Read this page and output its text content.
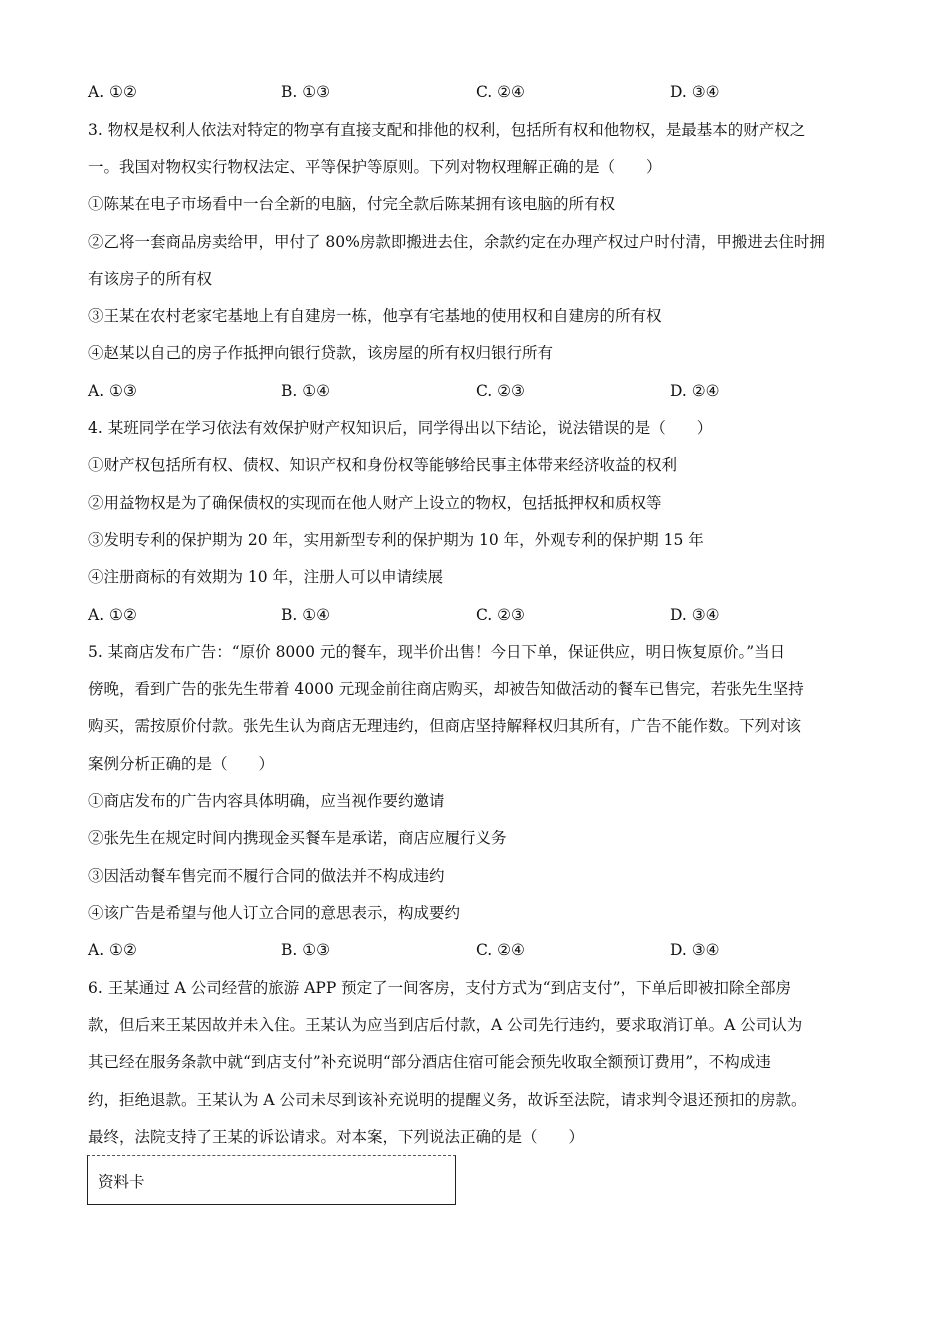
A. ①②	B. ①③	C. ②④	D. ③④
3. 物权是权利人依法对特定的物享有直接支配和排他的权利，包括所有权和他物权，是最基本的财产权之
一。我国对物权实行物权法定、平等保护等原则。下列对物权理解正确的是（　　）
①陈某在电子市场看中一台全新的电脑，付完全款后陈某拥有该电脑的所有权
②乙将一套商品房卖给甲，甲付了 80%房款即搬进去住，余款约定在办理产权过户时付清，甲搬进去住时拥
有该房子的所有权
③王某在农村老家宅基地上有自建房一栋，他享有宅基地的使用权和自建房的所有权
④赵某以自己的房子作抵押向银行贷款，该房屋的所有权归银行所有
A. ①③	B. ①④	C. ②③	D. ②④
4. 某班同学在学习依法有效保护财产权知识后，同学得出以下结论，说法错误的是（　　）
①财产权包括所有权、债权、知识产权和身份权等能够给民事主体带来经济收益的权利
②用益物权是为了确保债权的实现而在他人财产上设立的物权，包括抵押权和质权等
③发明专利的保护期为 20 年，实用新型专利的保护期为 10 年，外观专利的保护期 15 年
④注册商标的有效期为 10 年，注册人可以申请续展
A. ①②	B. ①④	C. ②③	D. ③④
5. 某商店发布广告：“原价 8000 元的餐车，现半价出售！今日下单，保证供应，明日恢复原价。”当日
傍晚，看到广告的张先生带着 4000 元现金前往商店购买，却被告知做活动的餐车已售完，若张先生坚持
购买，需按原价付款。张先生认为商店无理违约，但商店坚持解释权归其所有，广告不能作数。下列对该
案例分析正确的是（　　）
①商店发布的广告内容具体明确，应当视作要约邀请
②张先生在规定时间内携现金买餐车是承诺，商店应履行义务
③因活动餐车售完而不履行合同的做法并不构成违约
④该广告是希望与他人订立合同的意思表示，构成要约
A. ①②	B. ①③	C. ②④	D. ③④
6. 王某通过 A 公司经营的旅游 APP 预定了一间客房，支付方式为“到店支付”，下单后即被扣除全部房
款，但后来王某因故并未入住。王某认为应当到店后付款，A 公司先行违约，要求取消订单。A 公司认为
其已经在服务条款中就“到店支付”补充说明“部分酒店住宿可能会预先收取全额预订费用”，不构成违
约，拒绝退款。王某认为 A 公司未尽到该补充说明的提醒义务，故诉至法院，请求判令退还预扣的房款。
最终，法院支持了王某的诉讼请求。对本案，下列说法正确的是（　　）
资料卡
